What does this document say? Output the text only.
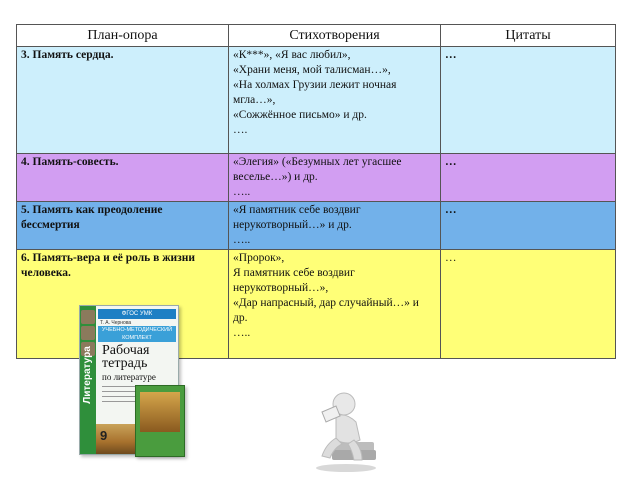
План-опора	Стихотворения	Цитаты
3. Память сердца.	«К***», «Я вас любил»,
«Храни меня, мой талисман…»,
«На холмах Грузии лежит ночная мгла…»,
«Сожжённое письмо» и др.
….	…
4. Память-совесть.	«Элегия» («Безумных лет угасшее веселье…») и др.
…..	…
5. Память как преодоление бессмертия	«Я памятник себе воздвиг нерукотворный…» и др.
…..	…
6. Память-вера и её роль в жизни человека.	«Пророк»,
Я памятник себе воздвиг нерукотворный…»,
«Дар напрасный, дар случайный…» и др.
…..	…
Литература
ФГОС УМК
Т. А. Чернова
УЧЕБНО-МЕТОДИЧЕСКИЙ КОМПЛЕКТ
Рабочая
тетрадь
по литературе
9
